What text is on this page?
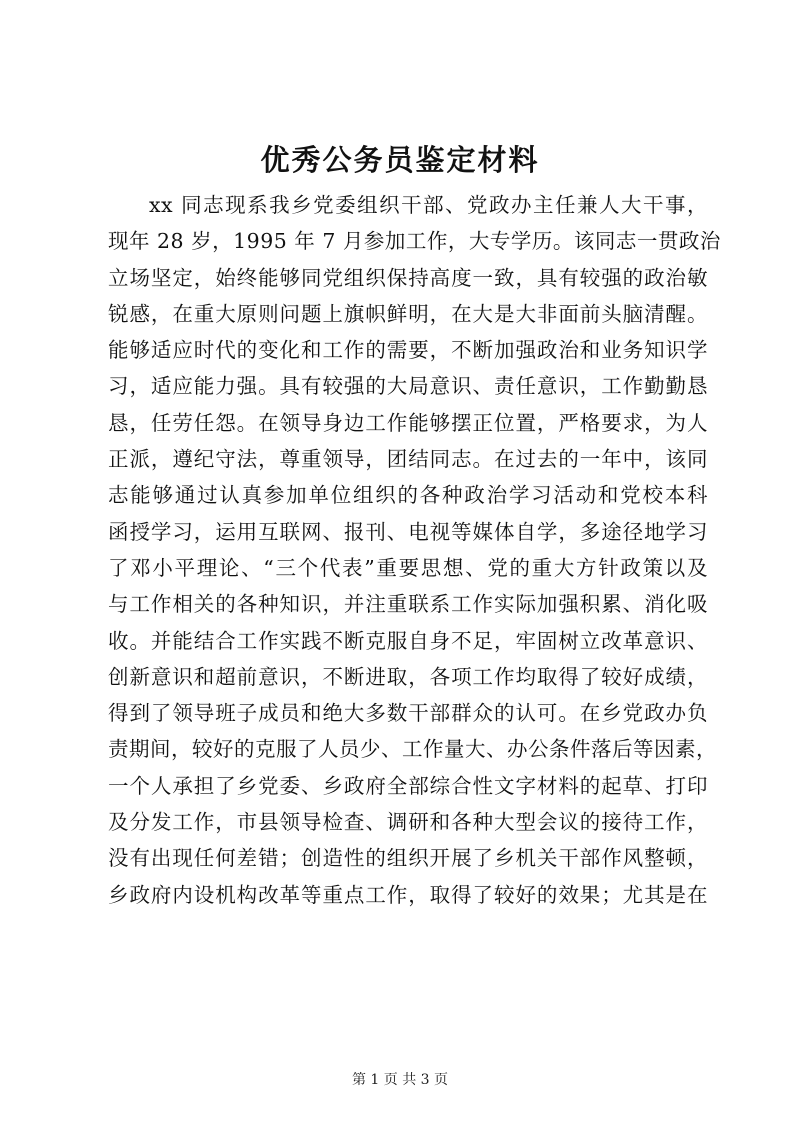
优秀公务员鉴定材料
xx 同志现系我乡党委组织干部、党政办主任兼人大干事，
现年 28 岁，1995 年 7 月参加工作，大专学历。该同志一贯政治
立场坚定，始终能够同党组织保持高度一致，具有较强的政治敏
锐感，在重大原则问题上旗帜鲜明，在大是大非面前头脑清醒。
能够适应时代的变化和工作的需要，不断加强政治和业务知识学
习，适应能力强。具有较强的大局意识、责任意识，工作勤勤恳
恳，任劳任怨。在领导身边工作能够摆正位置，严格要求，为人
正派，遵纪守法，尊重领导，团结同志。在过去的一年中，该同
志能够通过认真参加单位组织的各种政治学习活动和党校本科
函授学习，运用互联网、报刊、电视等媒体自学，多途径地学习
了邓小平理论、“三个代表”重要思想、党的重大方针政策以及
与工作相关的各种知识，并注重联系工作实际加强积累、消化吸
收。并能结合工作实践不断克服自身不足，牢固树立改革意识、
创新意识和超前意识，不断进取，各项工作均取得了较好成绩，
得到了领导班子成员和绝大多数干部群众的认可。在乡党政办负
责期间，较好的克服了人员少、工作量大、办公条件落后等因素，
一个人承担了乡党委、乡政府全部综合性文字材料的起草、打印
及分发工作，市县领导检查、调研和各种大型会议的接待工作，
没有出现任何差错；创造性的组织开展了乡机关干部作风整顿，
乡政府内设机构改革等重点工作，取得了较好的效果；尤其是在
第 1 页 共 3 页
